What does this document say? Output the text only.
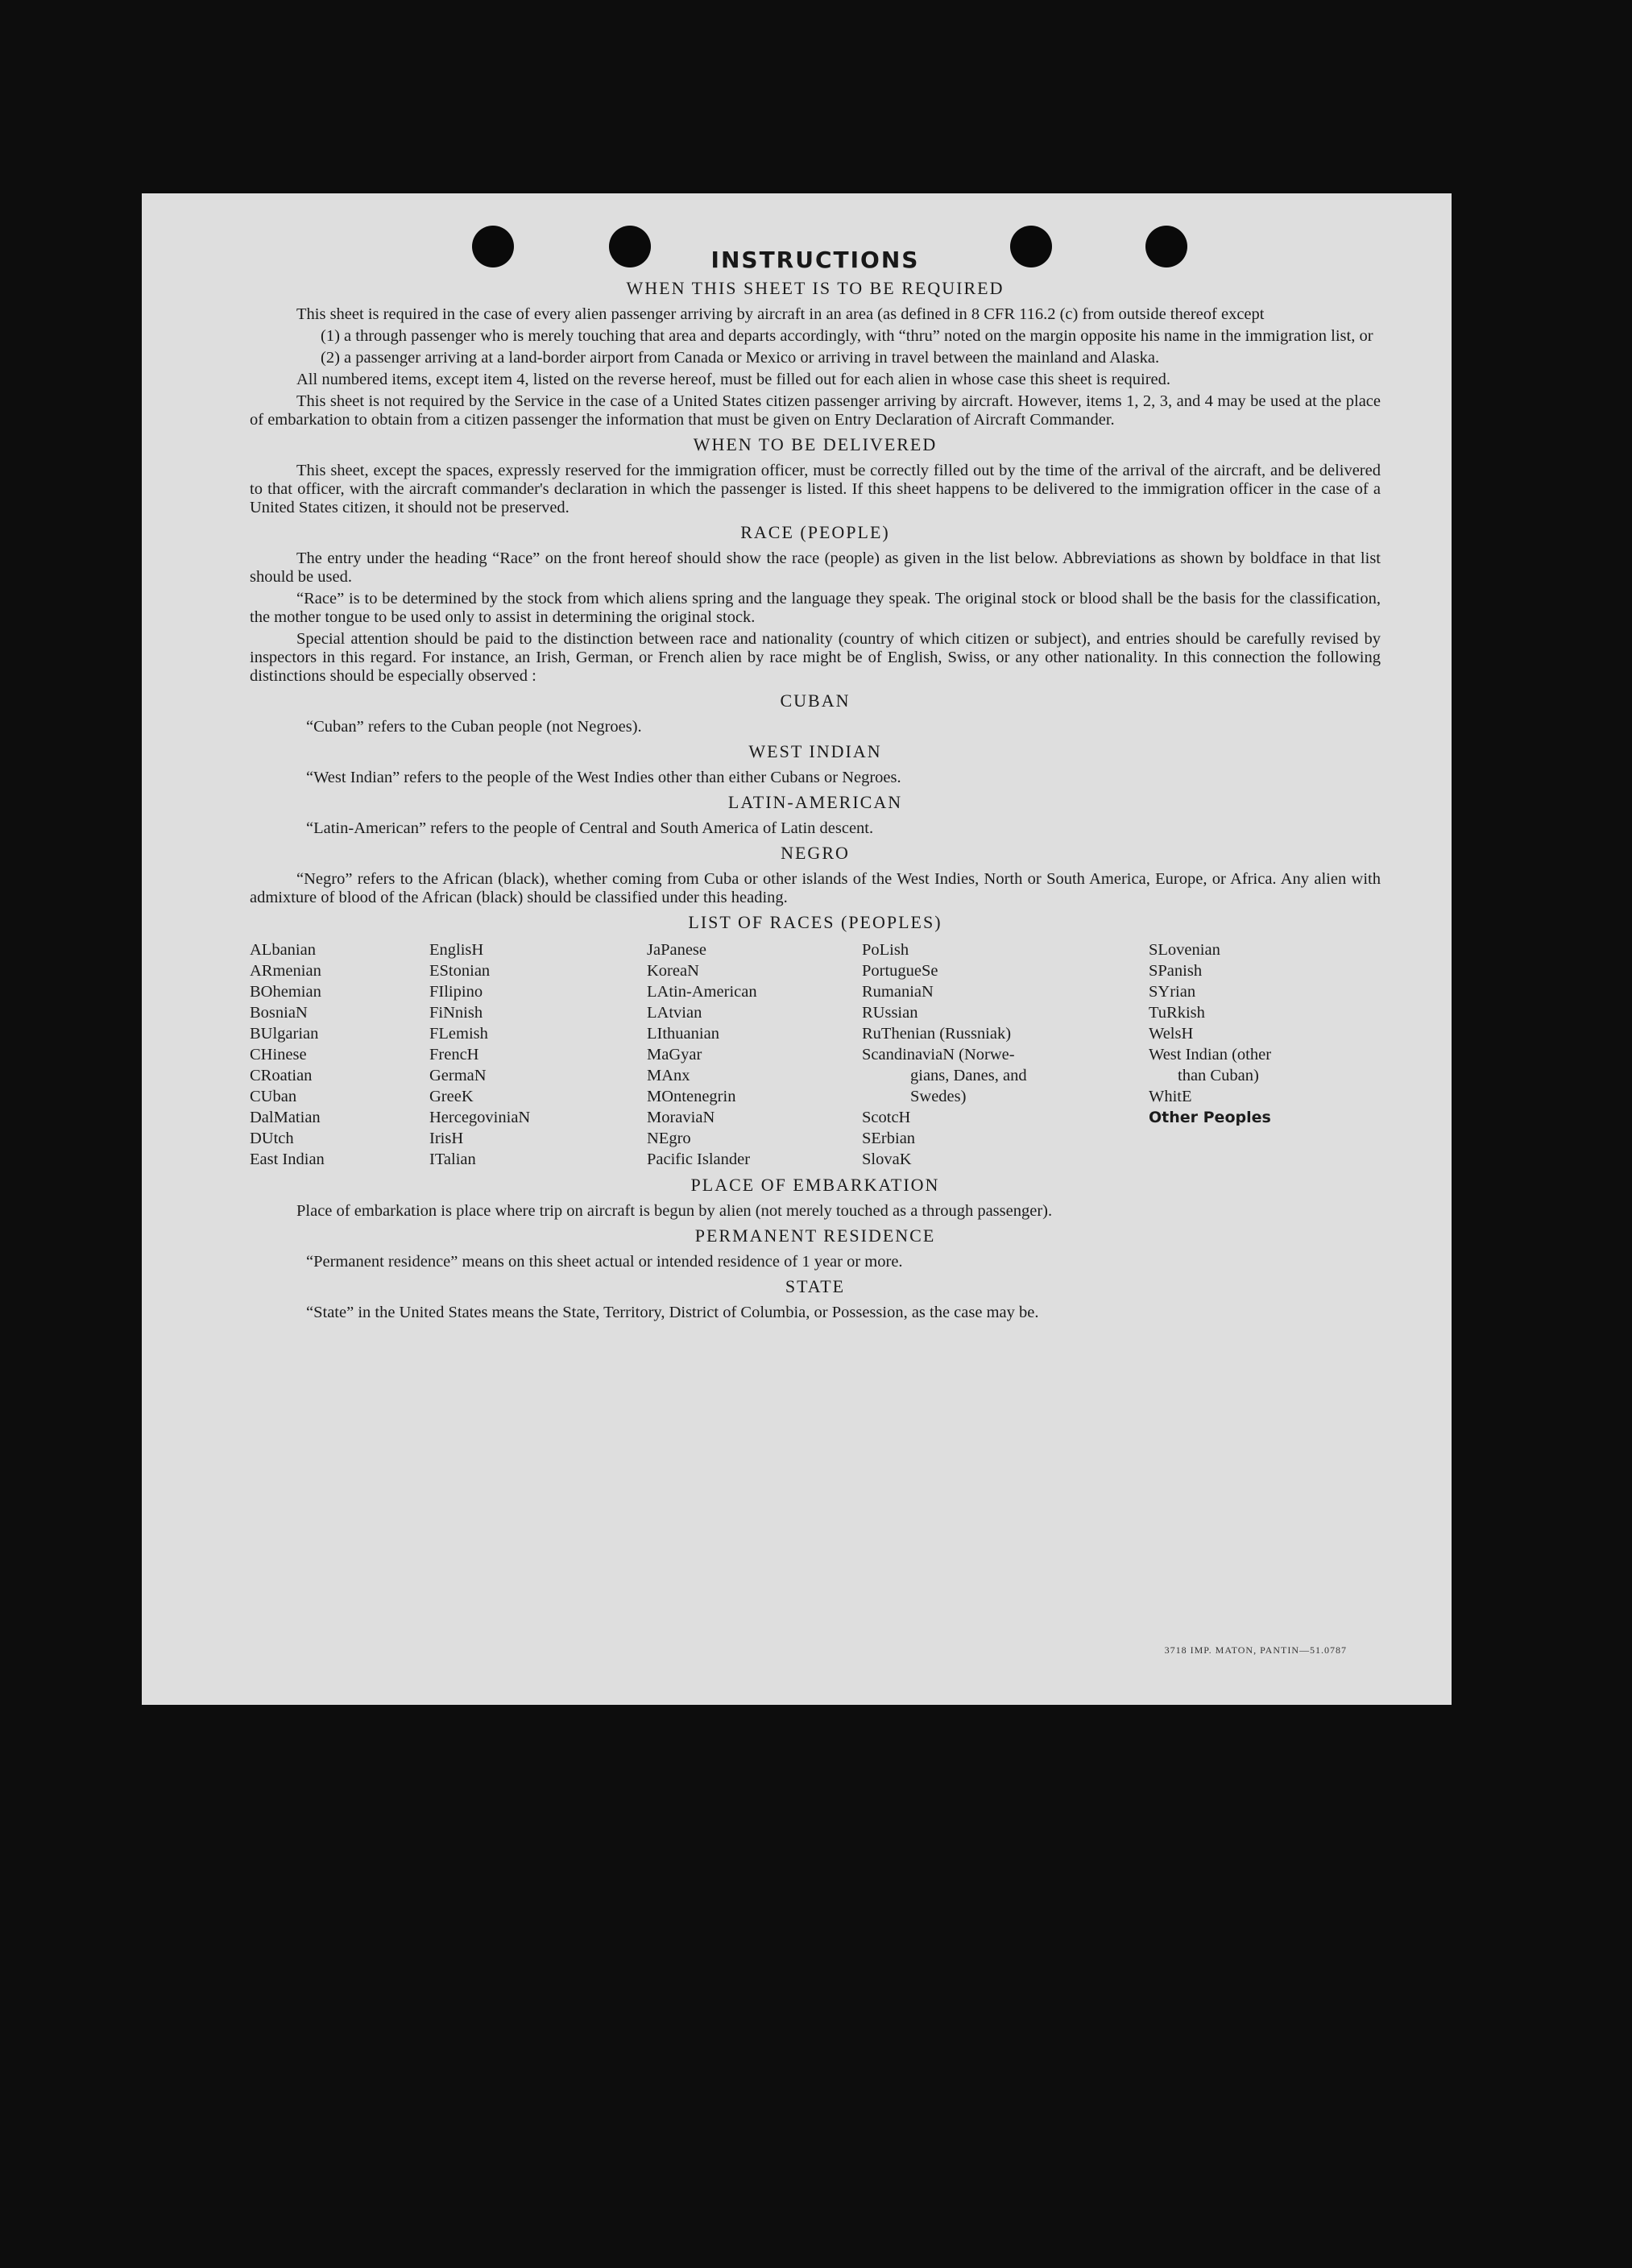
INSTRUCTIONS
WHEN THIS SHEET IS TO BE REQUIRED

This sheet is required in the case of every alien passenger arriving by aircraft in an area (as defined in 8 CFR 116.2 (c) from outside thereof except

(1) a through passenger who is merely touching that area and departs accordingly, with “thru” noted on the margin opposite his name in the immigration list, or

(2) a passenger arriving at a land-border airport from Canada or Mexico or arriving in travel between the mainland and Alaska.

All numbered items, except item 4, listed on the reverse hereof, must be filled out for each alien in whose case this sheet is required.

This sheet is not required by the Service in the case of a United States citizen passenger arriving by aircraft. However, items 1, 2, 3, and 4 may be used at the place of embarkation to obtain from a citizen passenger the information that must be given on Entry Declaration of Aircraft Commander.

WHEN TO BE DELIVERED

This sheet, except the spaces, expressly reserved for the immigration officer, must be correctly filled out by the time of the arrival of the aircraft, and be delivered to that officer, with the aircraft commander's declaration in which the passenger is listed. If this sheet happens to be delivered to the immigration officer in the case of a United States citizen, it should not be preserved.

RACE (PEOPLE)

The entry under the heading “Race” on the front hereof should show the race (people) as given in the list below. Abbreviations as shown by boldface in that list should be used.

“Race” is to be determined by the stock from which aliens spring and the language they speak. The original stock or blood shall be the basis for the classification, the mother tongue to be used only to assist in determining the original stock.

Special attention should be paid to the distinction between race and nationality (country of which citizen or subject), and entries should be carefully revised by inspectors in this regard. For instance, an Irish, German, or French alien by race might be of English, Swiss, or any other nationality. In this connection the following distinctions should be especially observed :

CUBAN

“Cuban” refers to the Cuban people (not Negroes).

WEST INDIAN

“West Indian” refers to the people of the West Indies other than either Cubans or Negroes.

LATIN-AMERICAN

“Latin-American” refers to the people of Central and South America of Latin descent.

NEGRO

“Negro” refers to the African (black), whether coming from Cuba or other islands of the West Indies, North or South America, Europe, or Africa. Any alien with admixture of blood of the African (black) should be classified under this heading.

LIST OF RACES (PEOPLES)
ALbanian
ARmenian
BOhemian
BosniaN
BUlgarian
CHinese
CRoatian
CUban
DalMatian
DUtch
East Indian
EnglisH
EStonian
FIlipino
FiNnish
FLemish
FrencH
GermaN
GreeK
HercegoviniaN
IrisH
ITalian
JaPanese
KoreaN
LAtin-American
LAtvian
LIthuanian
MaGyar
MAnx
MOntenegrin
MoraviaN
NEgro
Pacific Islander
PoLish
PortugueSe
RumaniaN
RUssian
RuThenian (Russniak)
ScandinaviaN (Norwe-
gians, Danes, and
Swedes)
ScotcH
SErbian
SlovaK
SLovenian
SPanish
SYrian
TuRkish
WelsH
West Indian (other
than Cuban)
WhitE
Other Peoples
PLACE OF EMBARKATION

Place of embarkation is place where trip on aircraft is begun by alien (not merely touched as a through passenger).

PERMANENT RESIDENCE

“Permanent residence” means on this sheet actual or intended residence of 1 year or more.

STATE

“State” in the United States means the State, Territory, District of Columbia, or Possession, as the case may be.

3718 IMP. MATON, PANTIN—51.0787
